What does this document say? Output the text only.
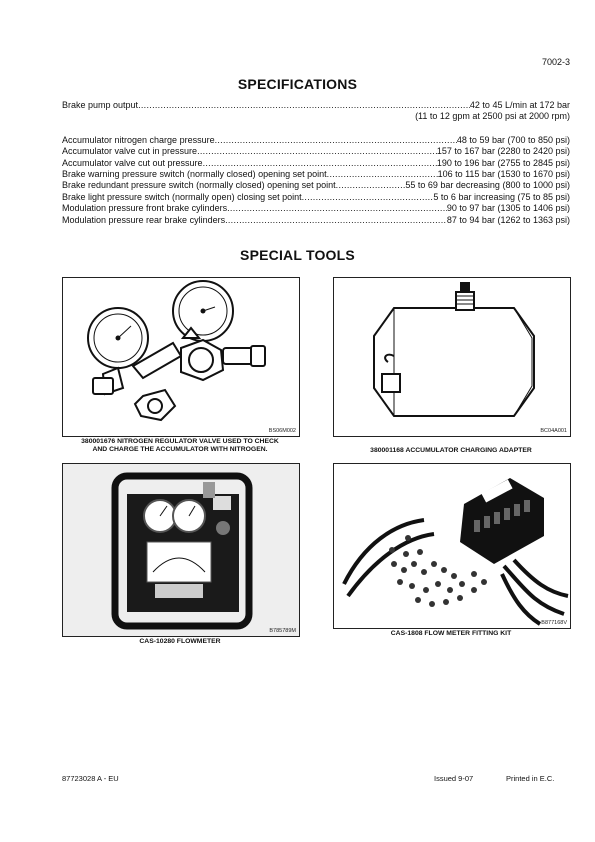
7002-3
SPECIFICATIONS
Brake pump output .....	42 to 45 L/min at 172 bar
(11 to 12 gpm at 2500 psi at 2000 rpm)
Accumulator nitrogen charge pressure .....	48 to 59 bar (700 to 850 psi)
Accumulator valve cut in pressure .....	157 to 167 bar (2280 to 2420 psi)
Accumulator valve cut out pressure .....	190 to 196 bar (2755 to 2845 psi)
Brake warning pressure switch (normally closed) opening set point .....	106 to 115 bar (1530 to 1670 psi)
Brake redundant pressure switch (normally closed) opening set point .....	55 to 69 bar decreasing (800 to 1000 psi)
Brake light pressure switch (normally open) closing set point .....	5 to 6 bar increasing (75 to 85 psi)
Modulation pressure front brake cylinders .....	90 to 97 bar (1305 to 1406 psi)
Modulation pressure rear brake cylinders .....	87 to 94 bar (1262 to 1363 psi)
SPECIAL TOOLS
BS06M002
380001676 NITROGEN REGULATOR VALVE USED TO CHECK
AND CHARGE THE ACCUMULATOR WITH NITROGEN.
BC04A001
380001168 ACCUMULATOR CHARGING ADAPTER
B785789M
CAS-10280 FLOWMETER
B877168V
CAS-1808 FLOW METER FITTING KIT
87723028 A - EU	Issued 9-07	Printed in E.C.
